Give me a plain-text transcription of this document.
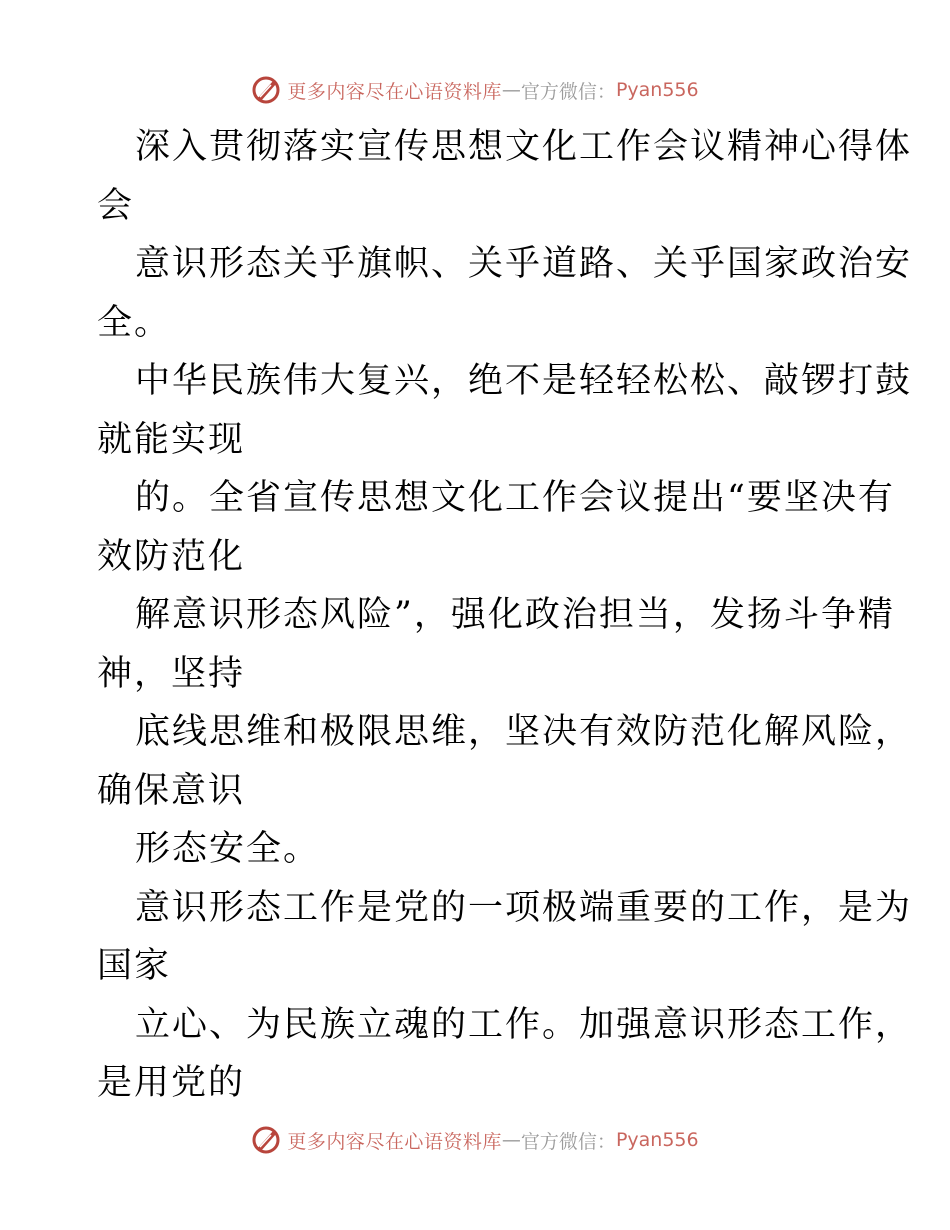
更多内容尽在心语资料库 — 官方微信： Pyan556
深入贯彻落实宣传思想文化工作会议精神心得体
会
意识形态关乎旗帜、关乎道路、关乎国家政治安
全。
中华民族伟大复兴，绝不是轻轻松松、敲锣打鼓
就能实现
的。全省宣传思想文化工作会议提出“要坚决有
效防范化
解意识形态风险”，强化政治担当，发扬斗争精
神，坚持
底线思维和极限思维，坚决有效防范化解风险，
确保意识
形态安全。
意识形态工作是党的一项极端重要的工作，是为
国家
立心、为民族立魂的工作。加强意识形态工作，
是用党的
更多内容尽在心语资料库 — 官方微信： Pyan556
